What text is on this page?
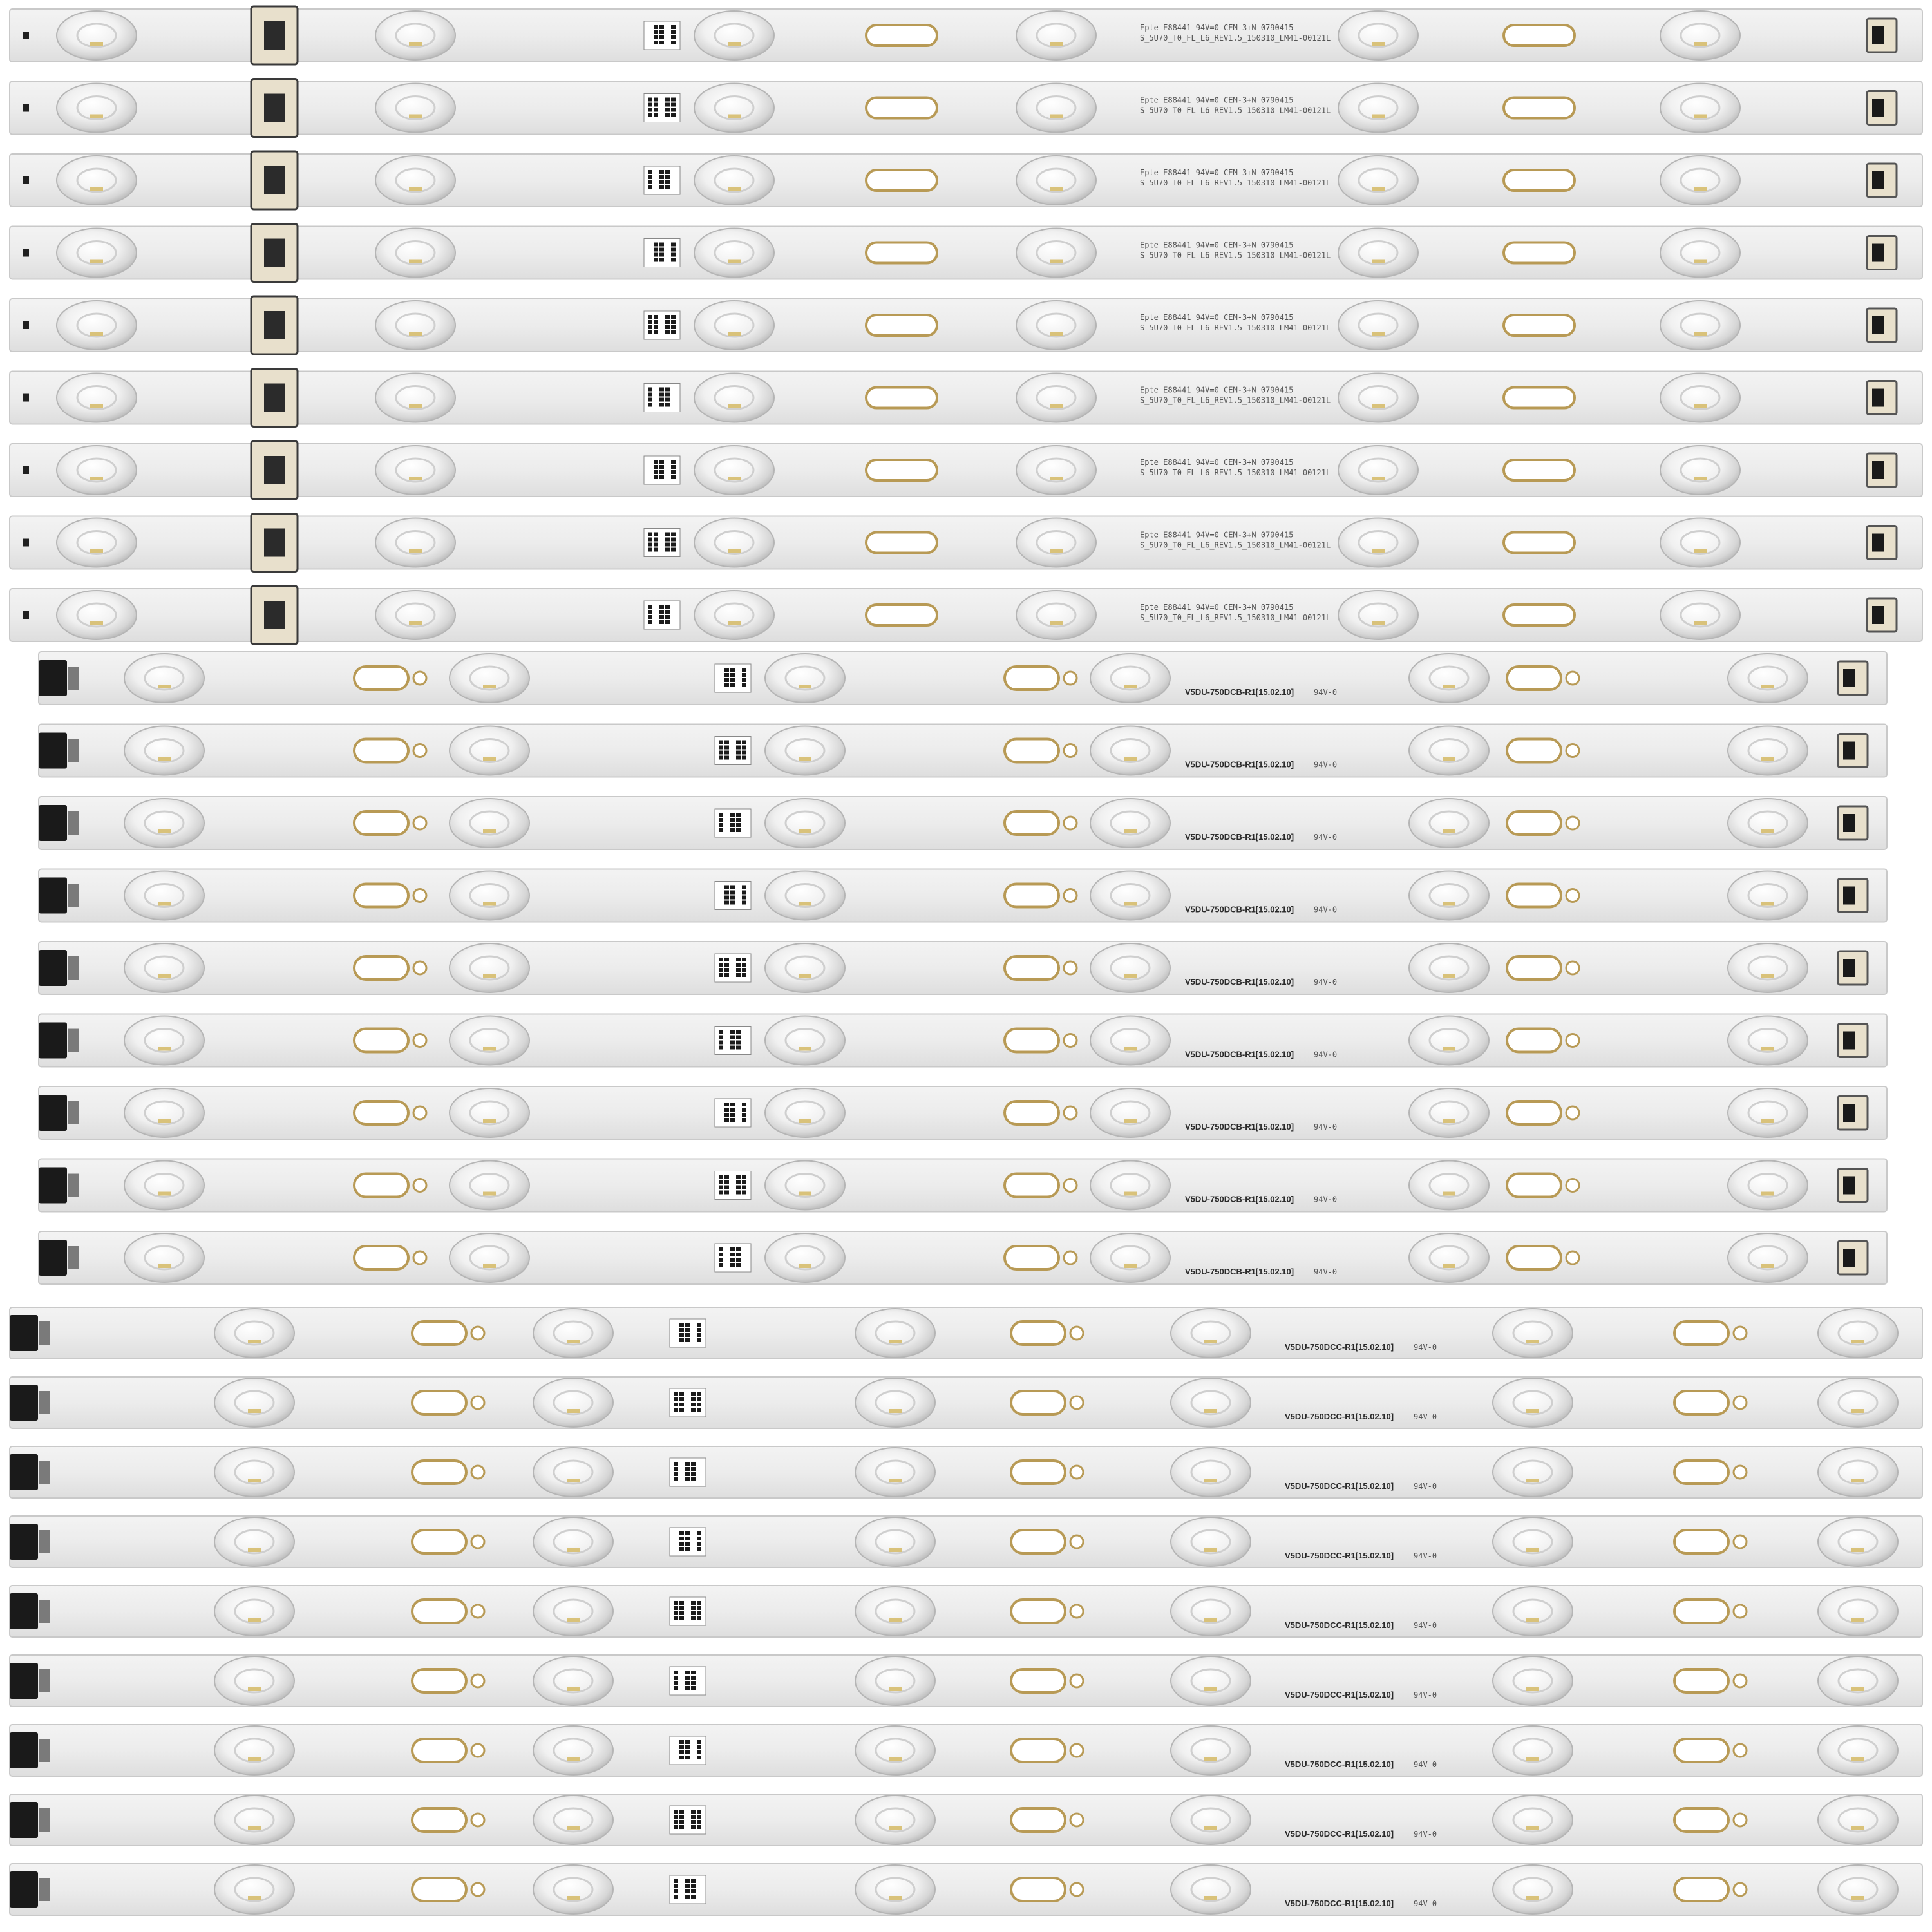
Epte E88441 94V=0 CEM-3+N 0790415
S_5U70_T0_FL_L6_REV1.5_150310_LM41-00121L
Epte E88441 94V=0 CEM-3+N 0790415
S_5U70_T0_FL_L6_REV1.5_150310_LM41-00121L
Epte E88441 94V=0 CEM-3+N 0790415
S_5U70_T0_FL_L6_REV1.5_150310_LM41-00121L
Epte E88441 94V=0 CEM-3+N 0790415
S_5U70_T0_FL_L6_REV1.5_150310_LM41-00121L
Epte E88441 94V=0 CEM-3+N 0790415
S_5U70_T0_FL_L6_REV1.5_150310_LM41-00121L
Epte E88441 94V=0 CEM-3+N 0790415
S_5U70_T0_FL_L6_REV1.5_150310_LM41-00121L
Epte E88441 94V=0 CEM-3+N 0790415
S_5U70_T0_FL_L6_REV1.5_150310_LM41-00121L
Epte E88441 94V=0 CEM-3+N 0790415
S_5U70_T0_FL_L6_REV1.5_150310_LM41-00121L
Epte E88441 94V=0 CEM-3+N 0790415
S_5U70_T0_FL_L6_REV1.5_150310_LM41-00121L
V5DU-750DCB-R1[15.02.10]	94V-0
V5DU-750DCB-R1[15.02.10]	94V-0
V5DU-750DCB-R1[15.02.10]	94V-0
V5DU-750DCB-R1[15.02.10]	94V-0
V5DU-750DCB-R1[15.02.10]	94V-0
V5DU-750DCB-R1[15.02.10]	94V-0
V5DU-750DCB-R1[15.02.10]	94V-0
V5DU-750DCB-R1[15.02.10]	94V-0
V5DU-750DCB-R1[15.02.10]	94V-0
V5DU-750DCC-R1[15.02.10]	94V-0
V5DU-750DCC-R1[15.02.10]	94V-0
V5DU-750DCC-R1[15.02.10]	94V-0
V5DU-750DCC-R1[15.02.10]	94V-0
V5DU-750DCC-R1[15.02.10]	94V-0
V5DU-750DCC-R1[15.02.10]	94V-0
V5DU-750DCC-R1[15.02.10]	94V-0
V5DU-750DCC-R1[15.02.10]	94V-0
V5DU-750DCC-R1[15.02.10]	94V-0
